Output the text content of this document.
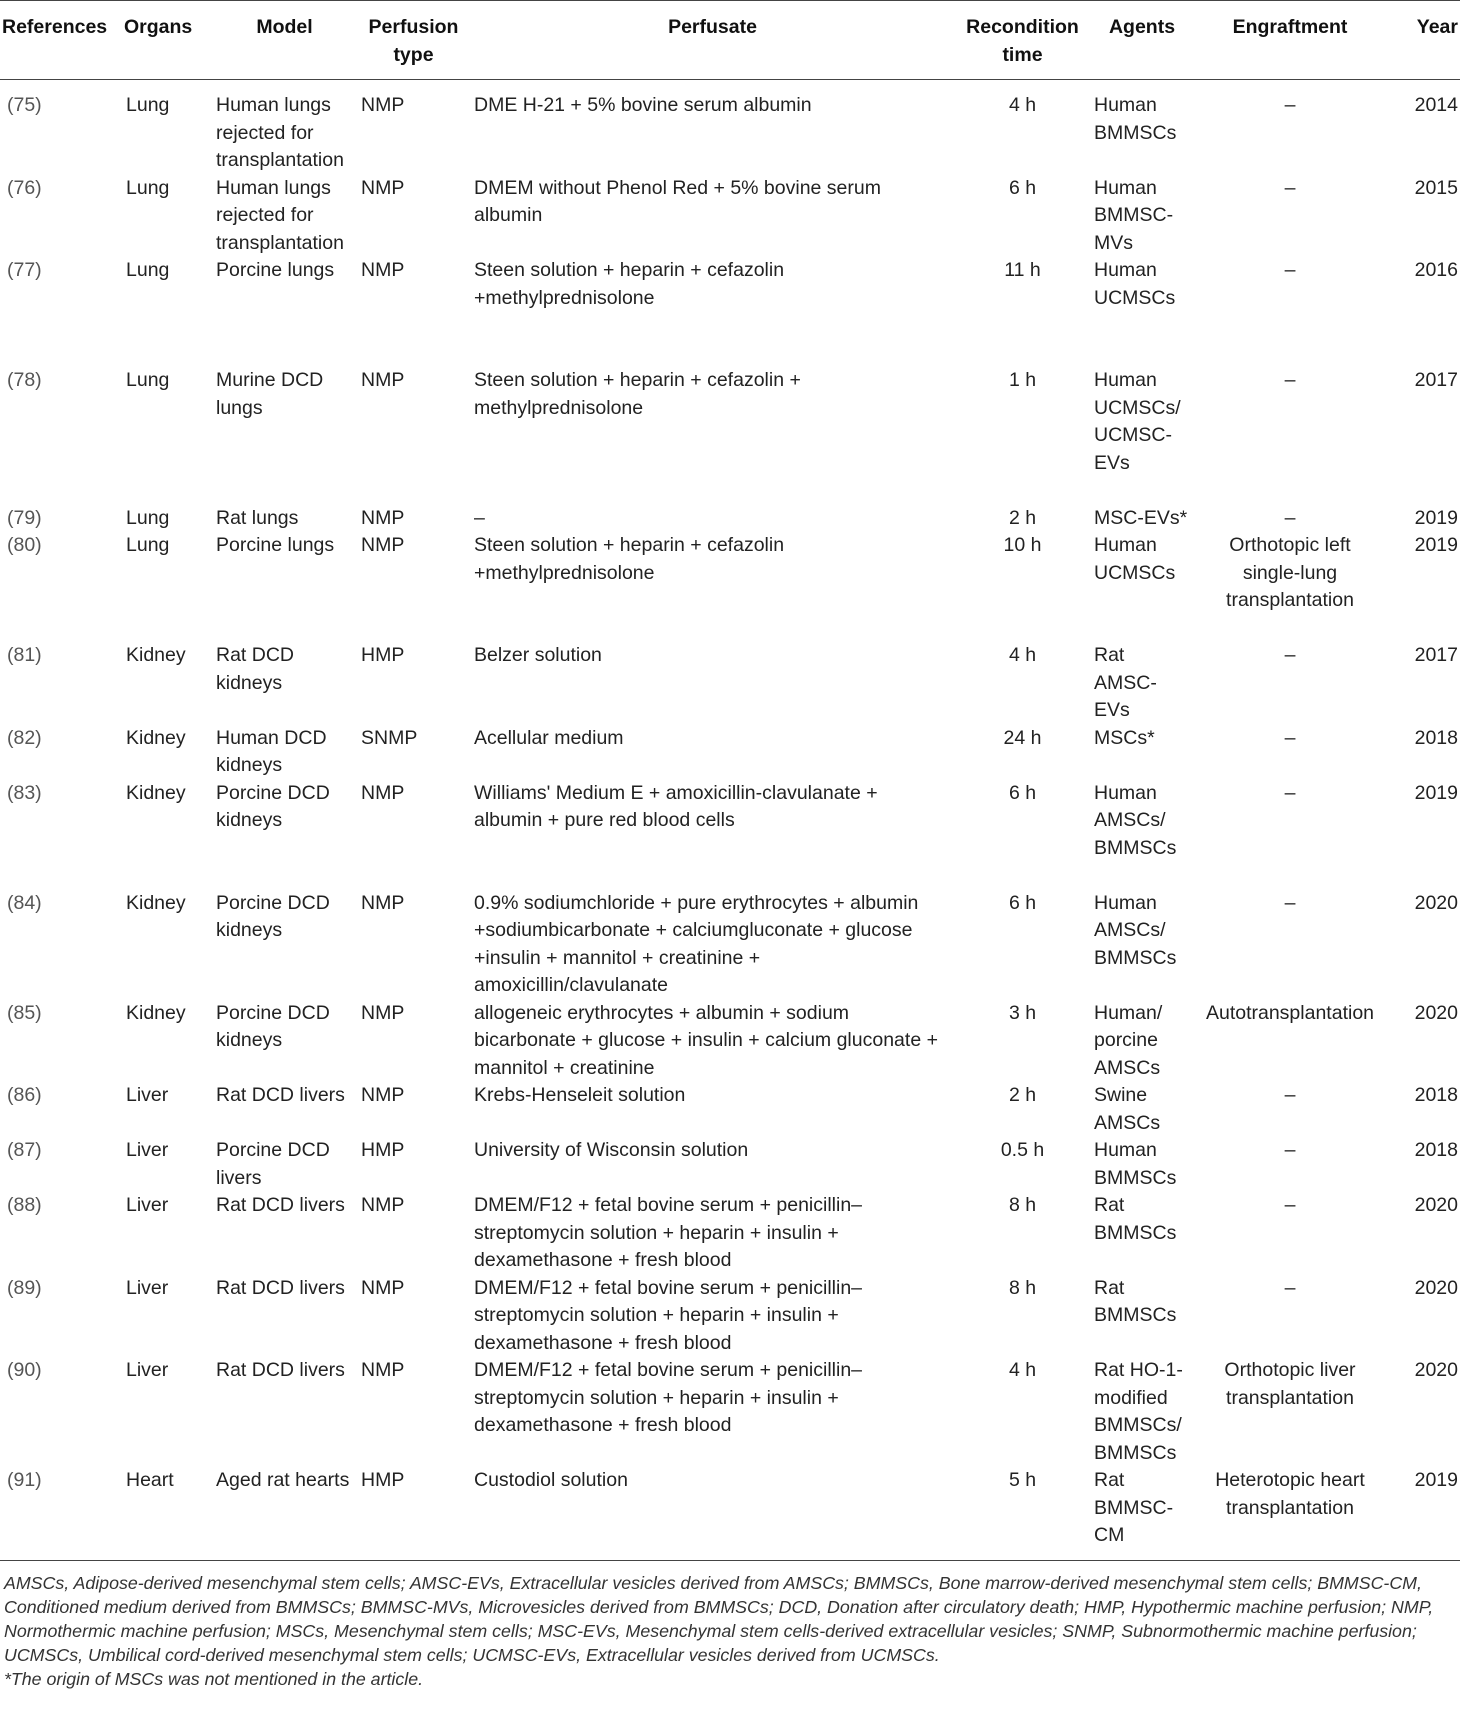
References	Organs	Model	Perfusion type	Perfusate	Recondition time	Agents	Engraftment	Year
(75)	Lung	Human lungs rejected for transplantation	NMP	DME H-21 + 5% bovine serum albumin	4 h	Human BMMSCs	–	2014
(76)	Lung	Human lungs rejected for transplantation	NMP	DMEM without Phenol Red + 5% bovine serum albumin	6 h	Human BMMSC-MVs	–	2015
(77)	Lung	Porcine lungs	NMP	Steen solution + heparin + cefazolin +methylprednisolone	11 h	Human UCMSCs	–	2016

(78)	Lung	Murine DCD lungs	NMP	Steen solution + heparin + cefazolin + methylprednisolone	1 h	Human UCMSCs/ UCMSC-EVs	–	2017

(79)	Lung	Rat lungs	NMP	–	2 h	MSC-EVs*	–	2019
(80)	Lung	Porcine lungs	NMP	Steen solution + heparin + cefazolin +methylprednisolone	10 h	Human UCMSCs	Orthotopic left single-lung transplantation	2019

(81)	Kidney	Rat DCD kidneys	HMP	Belzer solution	4 h	Rat AMSC-EVs	–	2017
(82)	Kidney	Human DCD kidneys	SNMP	Acellular medium	24 h	MSCs*	–	2018
(83)	Kidney	Porcine DCD kidneys	NMP	Williams' Medium E + amoxicillin-clavulanate + albumin + pure red blood cells	6 h	Human AMSCs/ BMMSCs	–	2019

(84)	Kidney	Porcine DCD kidneys	NMP	0.9% sodiumchloride + pure erythrocytes + albumin +sodiumbicarbonate + calciumgluconate + glucose +insulin + mannitol + creatinine + amoxicillin/clavulanate	6 h	Human AMSCs/ BMMSCs	–	2020
(85)	Kidney	Porcine DCD kidneys	NMP	allogeneic erythrocytes + albumin + sodium bicarbonate + glucose + insulin + calcium gluconate + mannitol + creatinine	3 h	Human/ porcine AMSCs	Autotransplantation	2020
(86)	Liver	Rat DCD livers	NMP	Krebs-Henseleit solution	2 h	Swine AMSCs	–	2018
(87)	Liver	Porcine DCD livers	HMP	University of Wisconsin solution	0.5 h	Human BMMSCs	–	2018
(88)	Liver	Rat DCD livers	NMP	DMEM/F12 + fetal bovine serum + penicillin–streptomycin solution + heparin + insulin + dexamethasone + fresh blood	8 h	Rat BMMSCs	–	2020
(89)	Liver	Rat DCD livers	NMP	DMEM/F12 + fetal bovine serum + penicillin–streptomycin solution + heparin + insulin + dexamethasone + fresh blood	8 h	Rat BMMSCs	–	2020
(90)	Liver	Rat DCD livers	NMP	DMEM/F12 + fetal bovine serum + penicillin–streptomycin solution + heparin + insulin + dexamethasone + fresh blood	4 h	Rat HO-1-modified BMMSCs/ BMMSCs	Orthotopic liver transplantation	2020
(91)	Heart	Aged rat hearts	HMP	Custodiol solution	5 h	Rat BMMSC-CM	Heterotopic heart transplantation	2019

AMSCs, Adipose-derived mesenchymal stem cells; AMSC-EVs, Extracellular vesicles derived from AMSCs; BMMSCs, Bone marrow-derived mesenchymal stem cells; BMMSC-CM, Conditioned medium derived from BMMSCs; BMMSC-MVs, Microvesicles derived from BMMSCs; DCD, Donation after circulatory death; HMP, Hypothermic machine perfusion; NMP, Normothermic machine perfusion; MSCs, Mesenchymal stem cells; MSC-EVs, Mesenchymal stem cells-derived extracellular vesicles; SNMP, Subnormothermic machine perfusion; UCMSCs, Umbilical cord-derived mesenchymal stem cells; UCMSC-EVs, Extracellular vesicles derived from UCMSCs.

*The origin of MSCs was not mentioned in the article.
